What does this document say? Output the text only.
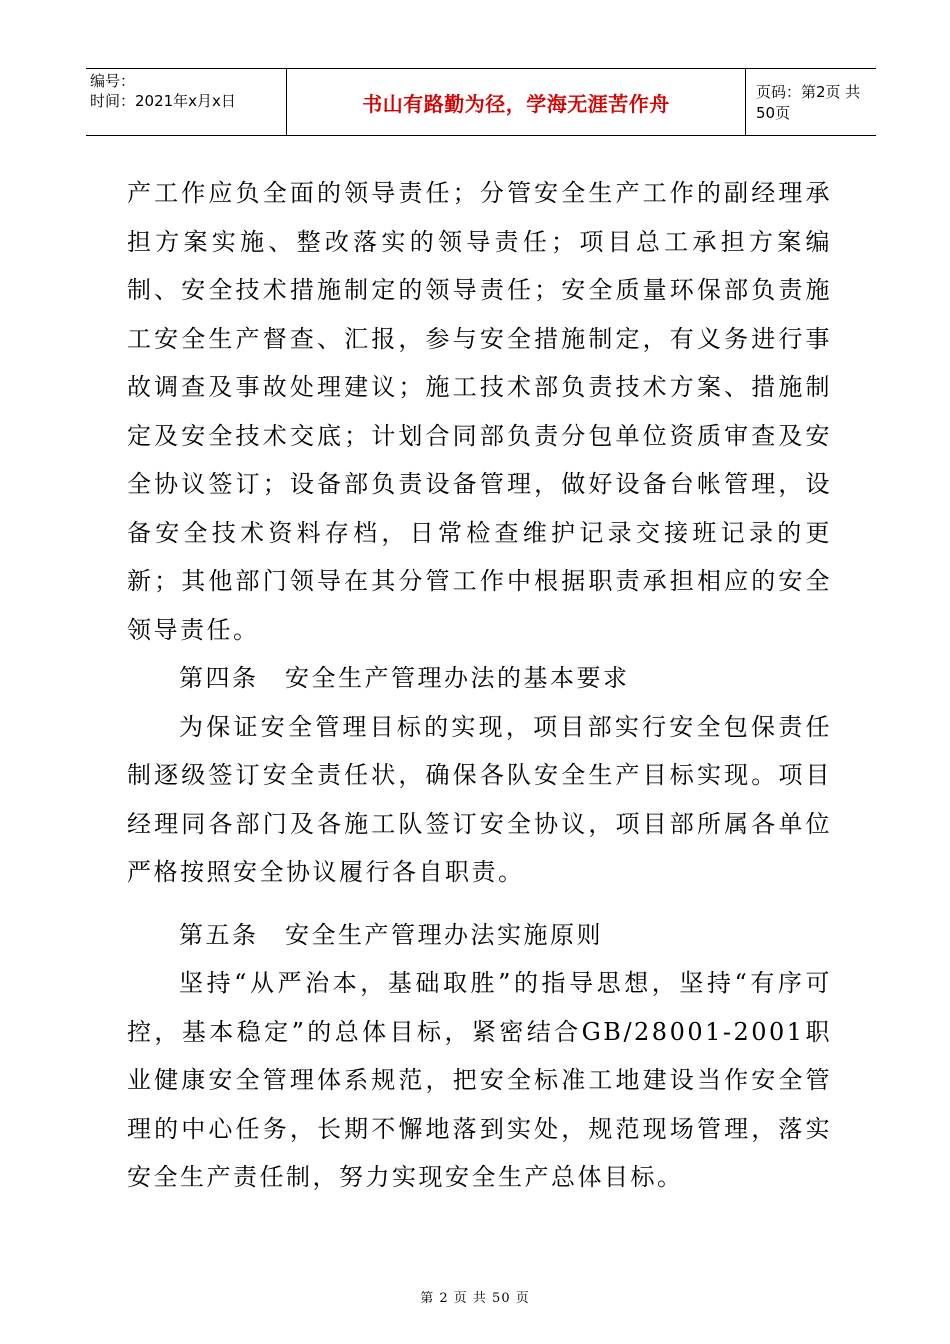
编号：
时间：2021年x月x日	书山有路勤为径，学海无涯苦作舟	页码：第2页 共50页

产工作应负全面的领导责任；分管安全生产工作的副经理承担方案实施、整改落实的领导责任；项目总工承担方案编制、安全技术措施制定的领导责任；安全质量环保部负责施工安全生产督查、汇报，参与安全措施制定，有义务进行事故调查及事故处理建议；施工技术部负责技术方案、措施制定及安全技术交底；计划合同部负责分包单位资质审查及安全协议签订；设备部负责设备管理，做好设备台帐管理，设备安全技术资料存档，日常检查维护记录交接班记录的更新；其他部门领导在其分管工作中根据职责承担相应的安全领导责任。

第四条　安全生产管理办法的基本要求

为保证安全管理目标的实现，项目部实行安全包保责任制逐级签订安全责任状，确保各队安全生产目标实现。项目经理同各部门及各施工队签订安全协议，项目部所属各单位严格按照安全协议履行各自职责。

第五条　安全生产管理办法实施原则

坚持“从严治本，基础取胜”的指导思想，坚持“有序可控，基本稳定”的总体目标，紧密结合GB/28001-2001职业健康安全管理体系规范，把安全标准工地建设当作安全管理的中心任务，长期不懈地落到实处，规范现场管理，落实安全生产责任制，努力实现安全生产总体目标。

第 2 页 共 50 页
